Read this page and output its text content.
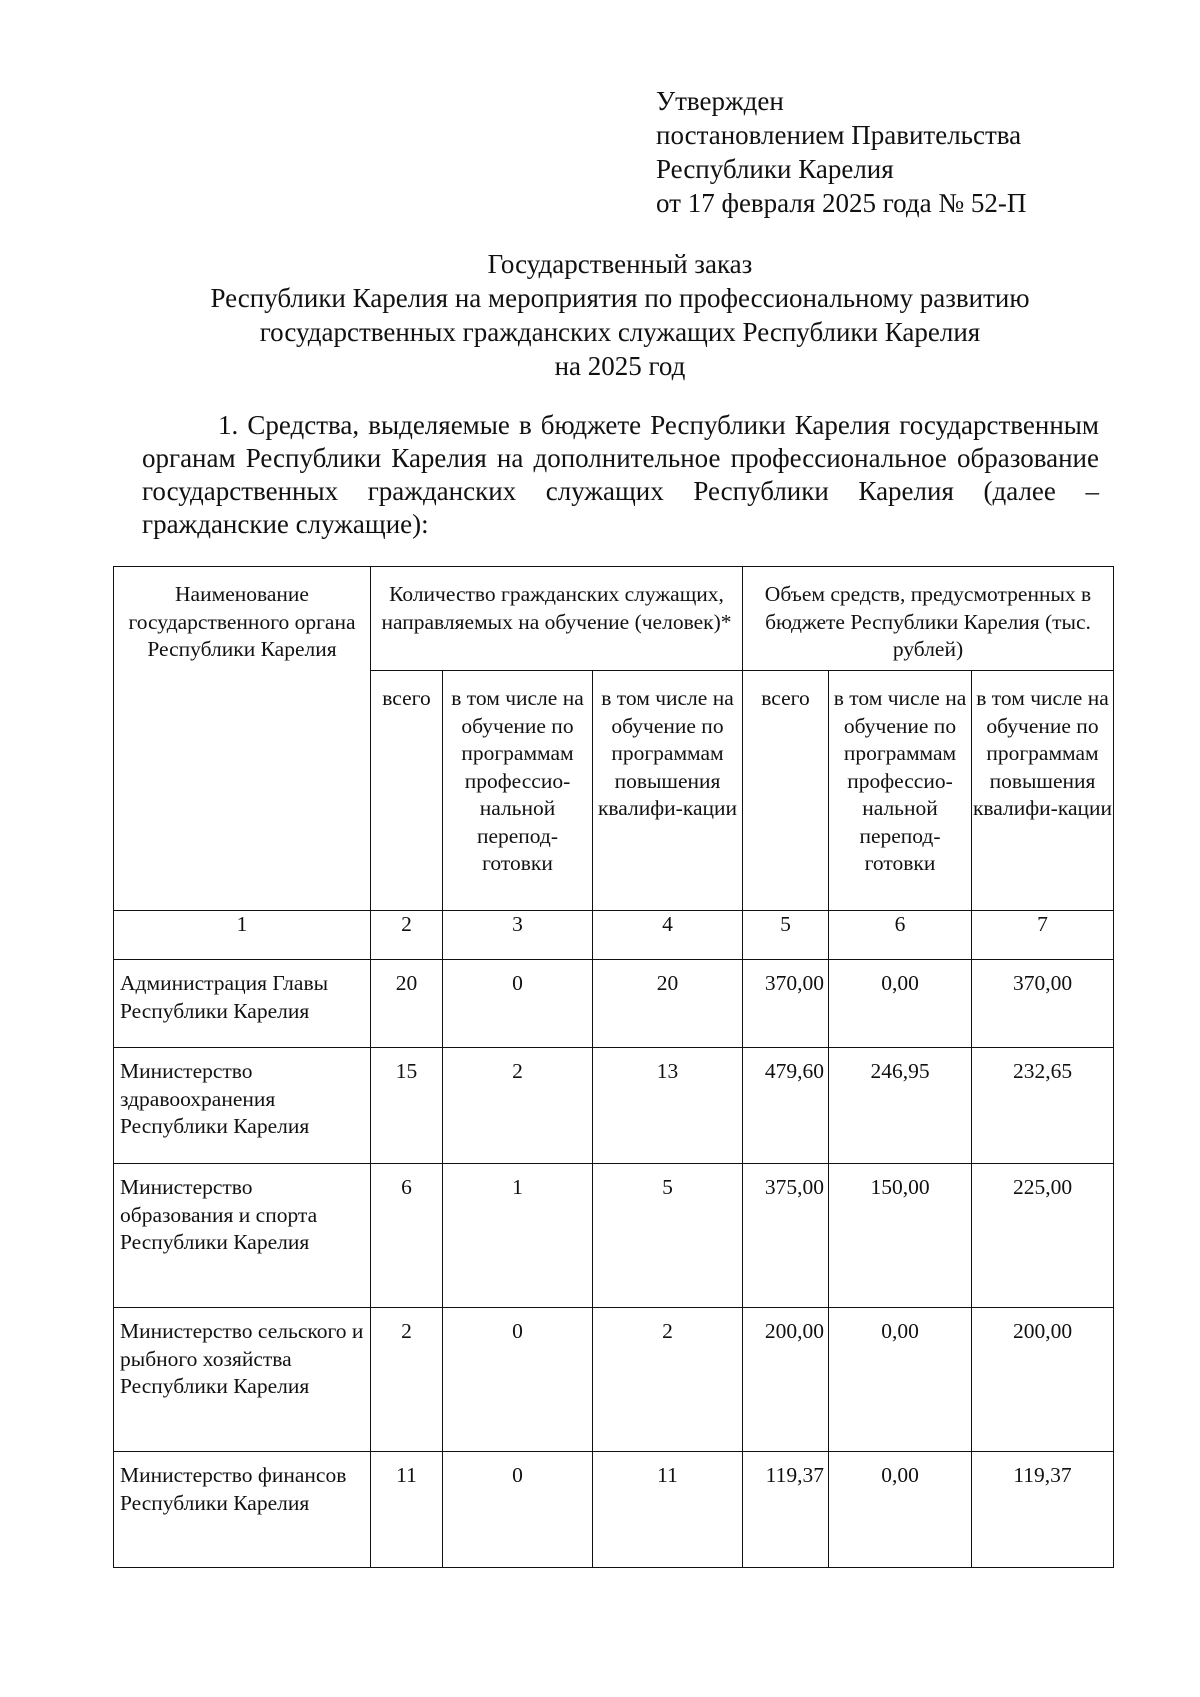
Утвержден
постановлением Правительства
Республики Карелия
от 17 февраля 2025 года № 52-П
Государственный заказ
Республики Карелия на мероприятия по профессиональному развитию
государственных гражданских служащих Республики Карелия
на 2025 год
1. Средства, выделяемые в бюджете Республики Карелия государственным органам Республики Карелия на дополнительное профессиональное образование государственных гражданских служащих Республики Карелия (далее – гражданские служащие):
Наименование государственного органа Республики Карелия	Количество гражданских служащих, направляемых на обучение (человек)*			Объем средств, предусмотренных в бюджете Республики Карелия (тыс. рублей)		
	всего	в том числе на обучение по программам профессио-нальной перепод-готовки	в том числе на обучение по программам повышения квалифи-кации	всего	в том числе на обучение по программам профессио-нальной перепод-готовки	в том числе на обучение по программам повышения квалифи-кации
1	2	3	4	5	6	7
Администрация Главы Республики Карелия	20	0	20	370,00	0,00	370,00
Министерство здравоохранения Республики Карелия	15	2	13	479,60	246,95	232,65
Министерство образования и спорта Республики Карелия	6	1	5	375,00	150,00	225,00
Министерство сельского и рыбного хозяйства Республики Карелия	2	0	2	200,00	0,00	200,00
Министерство финансов Республики Карелия	11	0	11	119,37	0,00	119,37
